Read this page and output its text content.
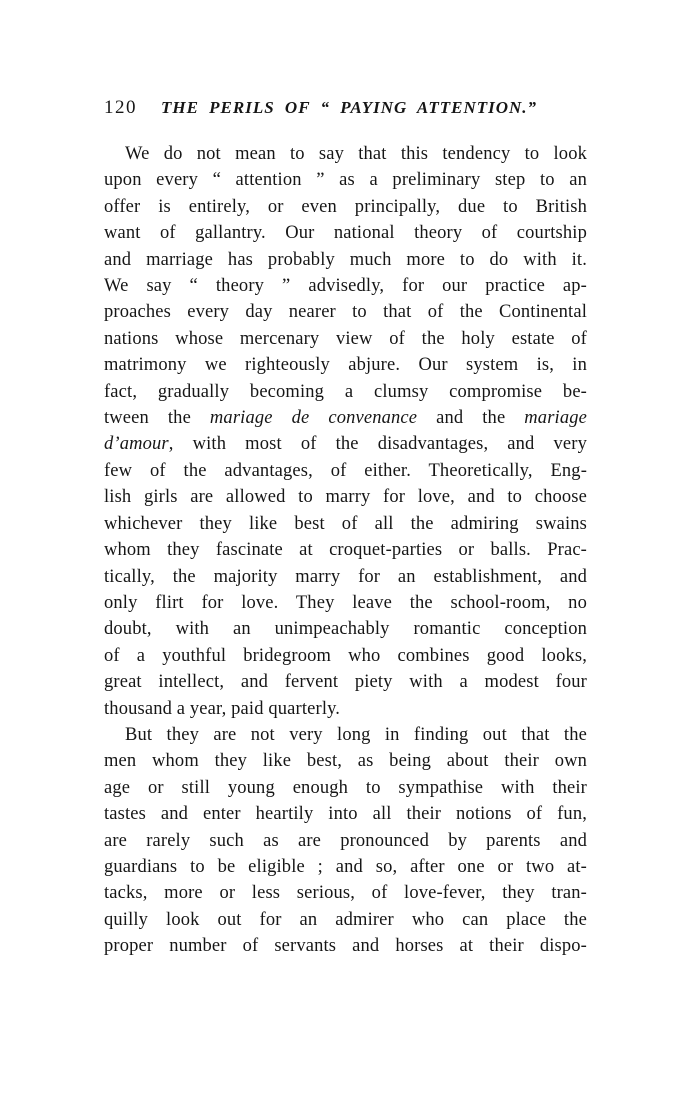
120	THE PERILS OF “ PAYING ATTENTION.”
We do not mean to say that this tendency to look
upon every “ attention ” as a preliminary step to an
offer is entirely, or even principally, due to British
want of gallantry. Our national theory of courtship
and marriage has probably much more to do with it.
We say “ theory ” advisedly, for our practice ap-
proaches every day nearer to that of the Continental
nations whose mercenary view of the holy estate of
matrimony we righteously abjure. Our system is, in
fact, gradually becoming a clumsy compromise be-
tween the mariage de convenance and the mariage
d’amour, with most of the disadvantages, and very
few of the advantages, of either. Theoretically, Eng-
lish girls are allowed to marry for love, and to choose
whichever they like best of all the admiring swains
whom they fascinate at croquet-parties or balls. Prac-
tically, the majority marry for an establishment, and
only flirt for love. They leave the school-room, no
doubt, with an unimpeachably romantic conception
of a youthful bridegroom who combines good looks,
great intellect, and fervent piety with a modest four
thousand a year, paid quarterly.
But they are not very long in finding out that the
men whom they like best, as being about their own
age or still young enough to sympathise with their
tastes and enter heartily into all their notions of fun,
are rarely such as are pronounced by parents and
guardians to be eligible ; and so, after one or two at-
tacks, more or less serious, of love-fever, they tran-
quilly look out for an admirer who can place the
proper number of servants and horses at their dispo-
